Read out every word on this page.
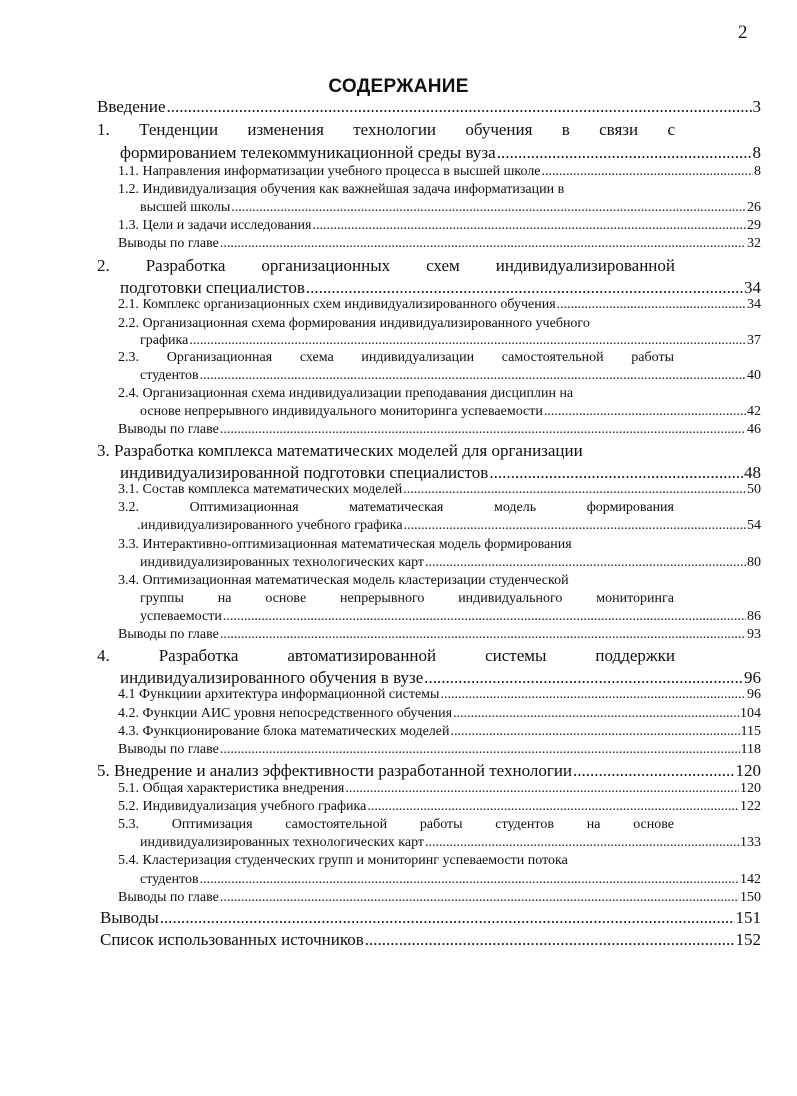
2
СОДЕРЖАНИЕ
Введение .....	3
1. Тенденции изменения технологии обучения в связи с
формированием телекоммуникационной среды вуза .....	8
1.1. Направления информатизации учебного процесса в высшей школе .....	8
1.2. Индивидуализация обучения как важнейшая задача информатизации в
высшей школы .....	26
1.3. Цели и задачи исследования .....	29
Выводы по главе .....	32
2. Разработка организационных схем индивидуализированной
подготовки специалистов .....	34
2.1. Комплекс организационных схем индивидуализированного обучения .....	34
2.2. Организационная схема формирования индивидуализированного учебного
графика .....	37
2.3. Организационная схема индивидуализации самостоятельной работы
студентов .....	40
2.4. Организационная схема индивидуализации преподавания дисциплин на
основе непрерывного индивидуального мониторинга успеваемости .....	42
Выводы по главе .....	46
3. Разработка комплекса математических моделей для организации
индивидуализированной подготовки специалистов .....	48
3.1. Состав комплекса математических моделей .....	50
3.2. Оптимизационная математическая модель формирования
.индивидуализированного учебного графика .....	54
3.3. Интерактивно-оптимизационная математическая модель формирования
индивидуализированных технологических карт .....	80
3.4. Оптимизационная математическая модель кластеризации студенческой
группы на основе непрерывного индивидуального мониторинга
успеваемости .....	86
Выводы по главе .....	93
4. Разработка автоматизированной системы поддержки
индивидуализированного обучения в вузе .....	96
4.1 Функциии архитектура информационной системы .....	96
4.2. Функции АИС уровня непосредственного обучения .....	104
4.3. Функционирование блока математических моделей .....	115
Выводы по главе .....	118
5. Внедрение и анализ эффективности разработанной технологии .....	120
5.1. Общая характеристика внедрения .....	120
5.2. Индивидуализация учебного графика .....	122
5.3. Оптимизация самостоятельной работы студентов на основе
индивидуализированных технологических карт .....	133
5.4. Кластеризация студенческих групп и мониторинг успеваемости потока
студентов .....	142
Выводы по главе .....	150
Выводы .....	151
Список использованных источников .....	152
